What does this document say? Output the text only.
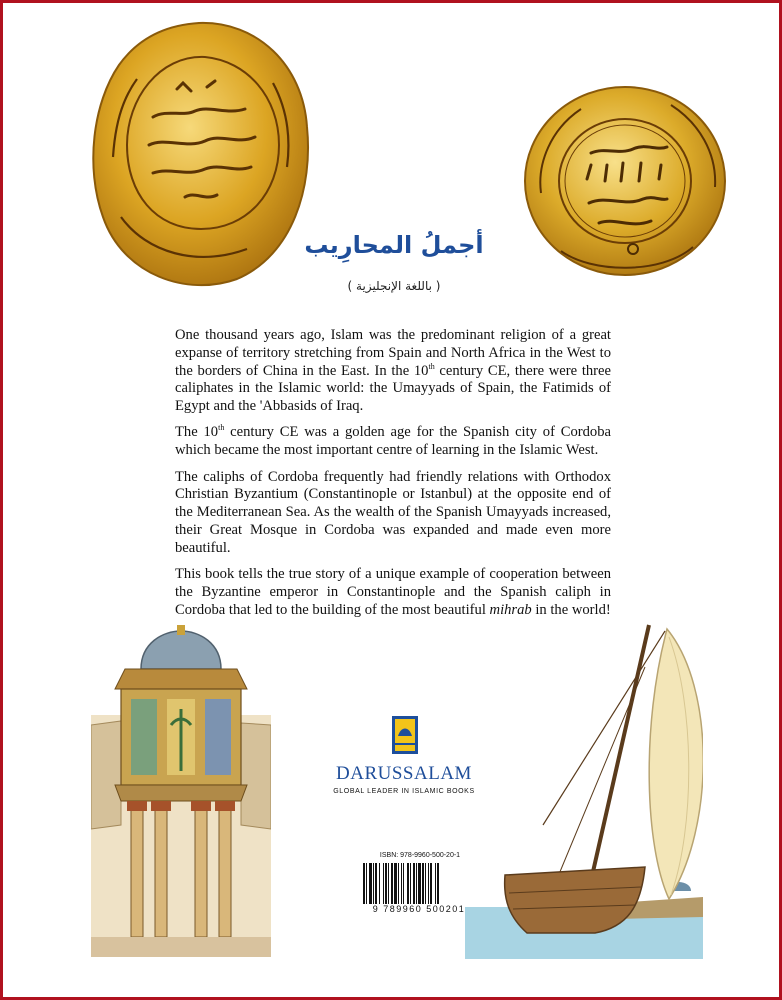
أجملُ المحارِيب
( باللغة الإنجليزية )

One thousand years ago, Islam was the predominant religion of a great expanse of territory stretching from Spain and North Africa in the West to the borders of China in the East. In the 10th century CE, there were three caliphates in the Islamic world: the Umayyads of Spain, the Fatimids of Egypt and the 'Abbasids of Iraq.

The 10th century CE was a golden age for the Spanish city of Cordoba which became the most important centre of learning in the Islamic West.

The caliphs of Cordoba frequently had friendly relations with Orthodox Christian Byzantium (Constantinople or Istanbul) at the opposite end of the Mediterranean Sea. As the wealth of the Spanish Umayyads increased, their Great Mosque in Cordoba was expanded and made even more beautiful.

This book tells the true story of a unique example of cooperation between the Byzantine emperor in Constantinople and the Spanish caliph in Cordoba that led to the building of the most beautiful mihrab in the world!

DARUSSALAM
GLOBAL LEADER IN ISLAMIC BOOKS
ISBN: 978-9960-500-20-1
9 789960 500201
